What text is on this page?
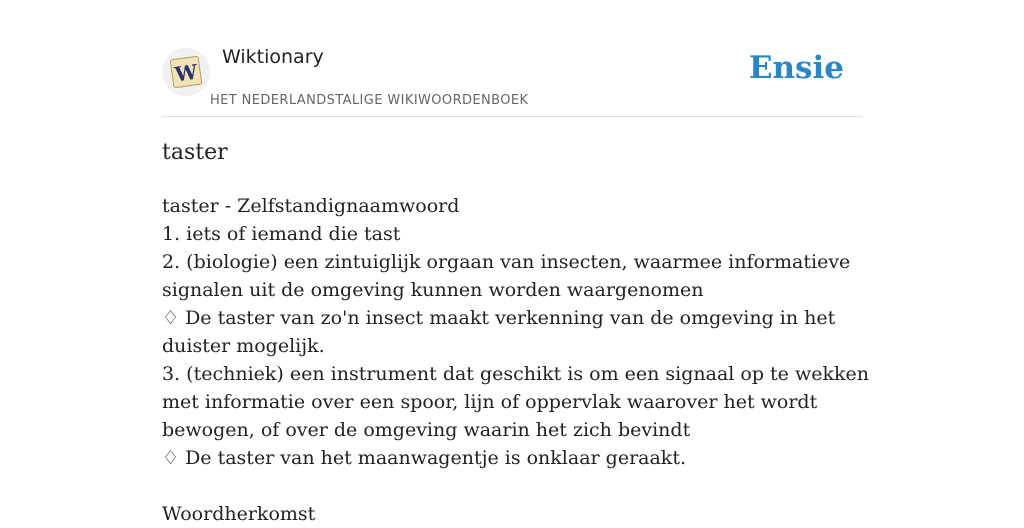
W
Wiktionary
HET NEDERLANDSTALIGE WIKIWOORDENBOEK
Ensie
taster

taster - Zelfstandignaamwoord

1. iets of iemand die tast

2. (biologie) een zintuiglijk orgaan van insecten, waarmee informatieve signalen uit de omgeving kunnen worden waargenomen

♢ De taster van zo'n insect maakt verkenning van de omgeving in het duister mogelijk.

3. (techniek) een instrument dat geschikt is om een signaal op te wekken met informatie over een spoor, lijn of oppervlak waarover het wordt bewogen, of over de omgeving waarin het zich bevindt

♢ De taster van het maanwagentje is onklaar geraakt.

Woordherkomst
